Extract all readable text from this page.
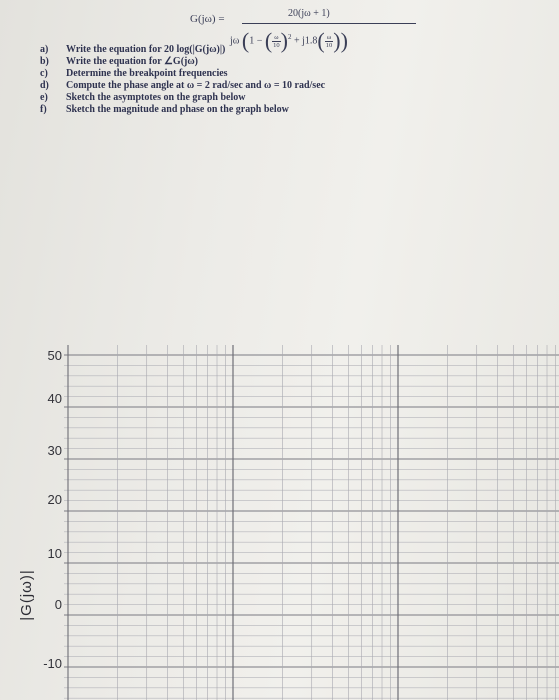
G(jω) =	20(jω + 1)
jω (1 − ( $\frac{\omega}{10} )^2 + j1.8( \frac{\omega}{10}$ ))
a) Write the equation for 20 log(|G(jω)|)
b) Write the equation for ∠G(jω)
c) Determine the breakpoint frequencies
d) Compute the phase angle at ω = 2 rad/sec and ω = 10 rad/sec
e) Sketch the asymptotes on the graph below
f) Sketch the magnitude and phase on the graph below
50
40
30
20
10
0
-10
|G(jω)|
